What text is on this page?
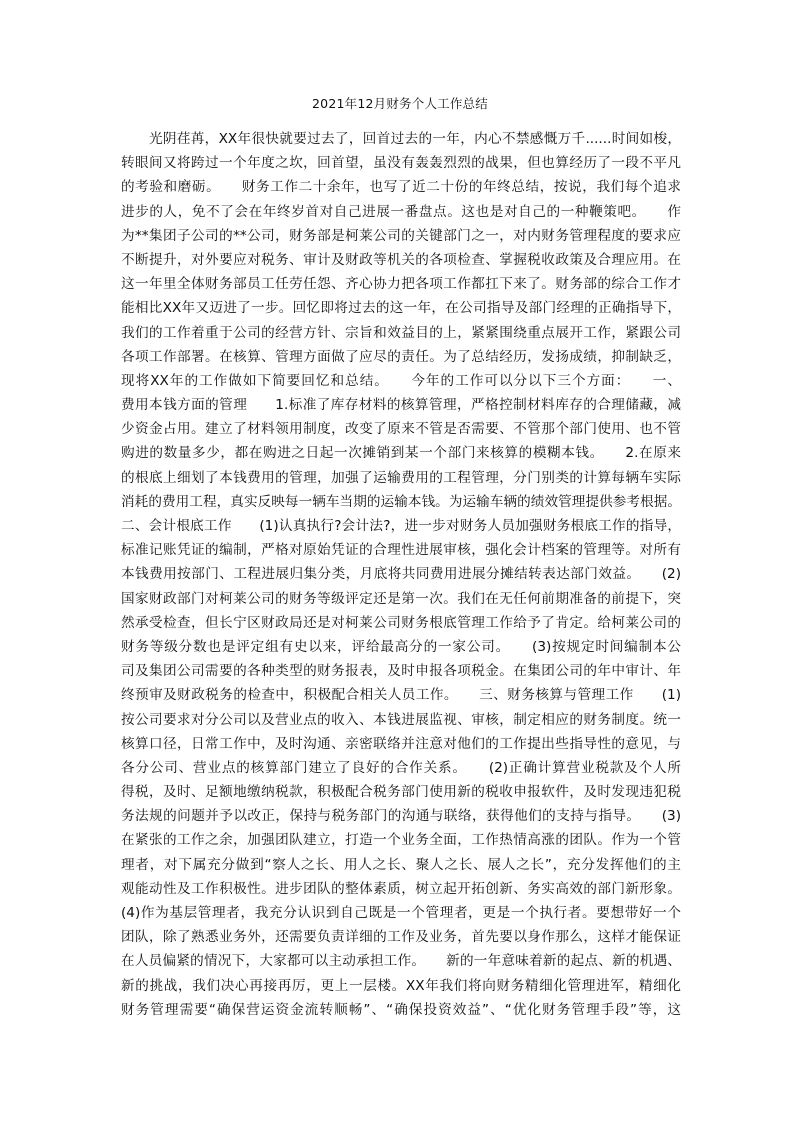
2021年12月财务个人工作总结
光阴荏苒，XX年很快就要过去了，回首过去的一年，内心不禁感慨万千......时间如梭，
转眼间又将跨过一个年度之坎，回首望，虽没有轰轰烈烈的战果，但也算经历了一段不平凡
的考验和磨砺。　　财务工作二十余年，也写了近二十份的年终总结，按说，我们每个追求
进步的人，免不了会在年终岁首对自己进展一番盘点。这也是对自己的一种鞭策吧。　　作
为**集团子公司的**公司，财务部是柯莱公司的关键部门之一，对内财务管理程度的要求应
不断提升，对外要应对税务、审计及财政等机关的各项检查、掌握税收政策及合理应用。在
这一年里全体财务部员工任劳任怨、齐心协力把各项工作都扛下来了。财务部的综合工作才
能相比XX年又迈进了一步。回忆即将过去的这一年，在公司指导及部门经理的正确指导下，
我们的工作着重于公司的经营方针、宗旨和效益目的上，紧紧围绕重点展开工作，紧跟公司
各项工作部署。在核算、管理方面做了应尽的责任。为了总结经历，发扬成绩，抑制缺乏，
现将XX年的工作做如下简要回忆和总结。　　今年的工作可以分以下三个方面：　　一、
费用本钱方面的管理　　1.标准了库存材料的核算管理，严格控制材料库存的合理储藏，减
少资金占用。建立了材料领用制度，改变了原来不管是否需要、不管那个部门使用、也不管
购进的数量多少，都在购进之日起一次摊销到某一个部门来核算的模糊本钱。　　2.在原来
的根底上细划了本钱费用的管理，加强了运输费用的工程管理，分门别类的计算每辆车实际
消耗的费用工程，真实反映每一辆车当期的运输本钱。为运输车辆的绩效管理提供参考根据。
二、会计根底工作　　(1)认真执行?会计法?，进一步对财务人员加强财务根底工作的指导，
标准记账凭证的编制，严格对原始凭证的合理性进展审核，强化会计档案的管理等。对所有
本钱费用按部门、工程进展归集分类，月底将共同费用进展分摊结转表达部门效益。　　(2)
国家财政部门对柯莱公司的财务等级评定还是第一次。我们在无任何前期准备的前提下，突
然承受检查，但长宁区财政局还是对柯莱公司财务根底管理工作给予了肯定。给柯莱公司的
财务等级分数也是评定组有史以来，评给最高分的一家公司。　　(3)按规定时间编制本公
司及集团公司需要的各种类型的财务报表，及时申报各项税金。在集团公司的年中审计、年
终预审及财政税务的检查中，积极配合相关人员工作。　　三、财务核算与管理工作　　(1)
按公司要求对分公司以及营业点的收入、本钱进展监视、审核，制定相应的财务制度。统一
核算口径，日常工作中，及时沟通、亲密联络并注意对他们的工作提出些指导性的意见，与
各分公司、营业点的核算部门建立了良好的合作关系。　　(2)正确计算营业税款及个人所
得税，及时、足额地缴纳税款，积极配合税务部门使用新的税收申报软件，及时发现违犯税
务法规的问题并予以改正，保持与税务部门的沟通与联络，获得他们的支持与指导。　　(3)
在紧张的工作之余，加强团队建立，打造一个业务全面，工作热情高涨的团队。作为一个管
理者，对下属充分做到“察人之长、用人之长、聚人之长、展人之长”，充分发挥他们的主
观能动性及工作积极性。进步团队的整体素质，树立起开拓创新、务实高效的部门新形象。
(4)作为基层管理者，我充分认识到自己既是一个管理者，更是一个执行者。要想带好一个
团队，除了熟悉业务外，还需要负责详细的工作及业务，首先要以身作那么，这样才能保证
在人员偏紧的情况下，大家都可以主动承担工作。　　新的一年意味着新的起点、新的机遇、
新的挑战，我们决心再接再厉，更上一层楼。XX年我们将向财务精细化管理进军，精细化
财务管理需要“确保营运资金流转顺畅”、“确保投资效益”、“优化财务管理手段”等，这
